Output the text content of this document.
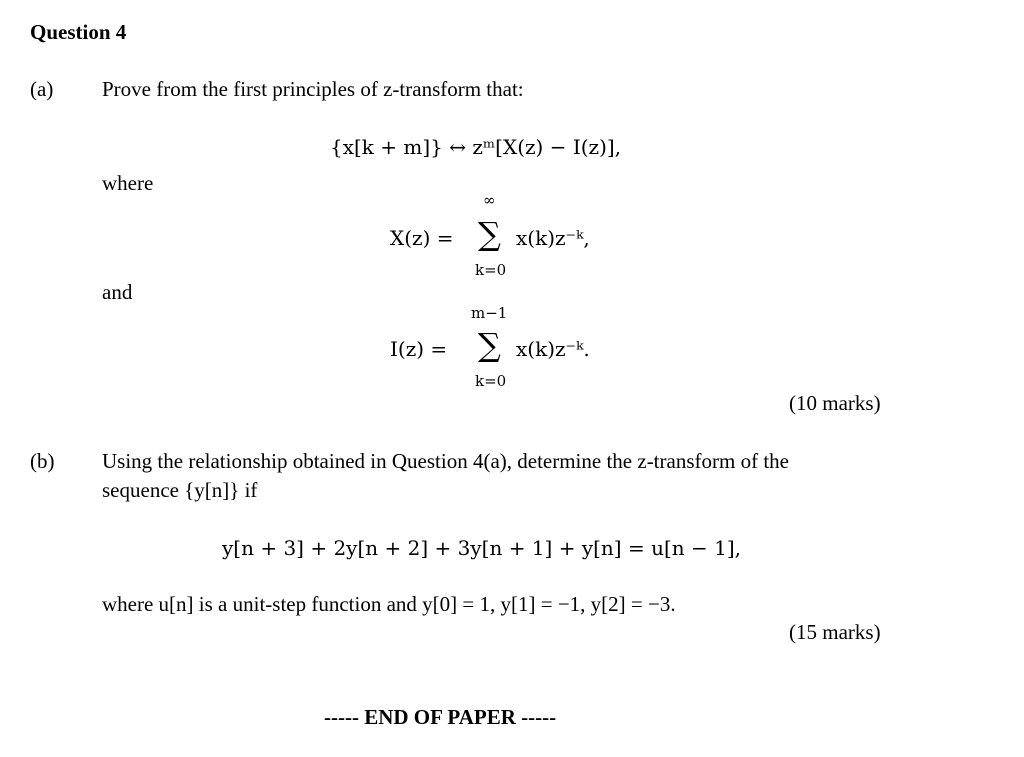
Question 4
(a) Prove from the first principles of z-transform that:
{x[k + m]} ↔ zᵐ[X(z) − I(z)],
where
X(z) =
∞
∑
k=0
x(k)z⁻ᵏ,
and
I(z) =
m−1
∑
k=0
x(k)z⁻ᵏ.
(10 marks)
(b) Using the relationship obtained in Question 4(a), determine the z-transform of the
sequence {y[n]} if
y[n + 3] + 2y[n + 2] + 3y[n + 1] + y[n] = u[n − 1],
where u[n] is a unit-step function and y[0] = 1, y[1] = −1, y[2] = −3.
(15 marks)
----- END OF PAPER -----
